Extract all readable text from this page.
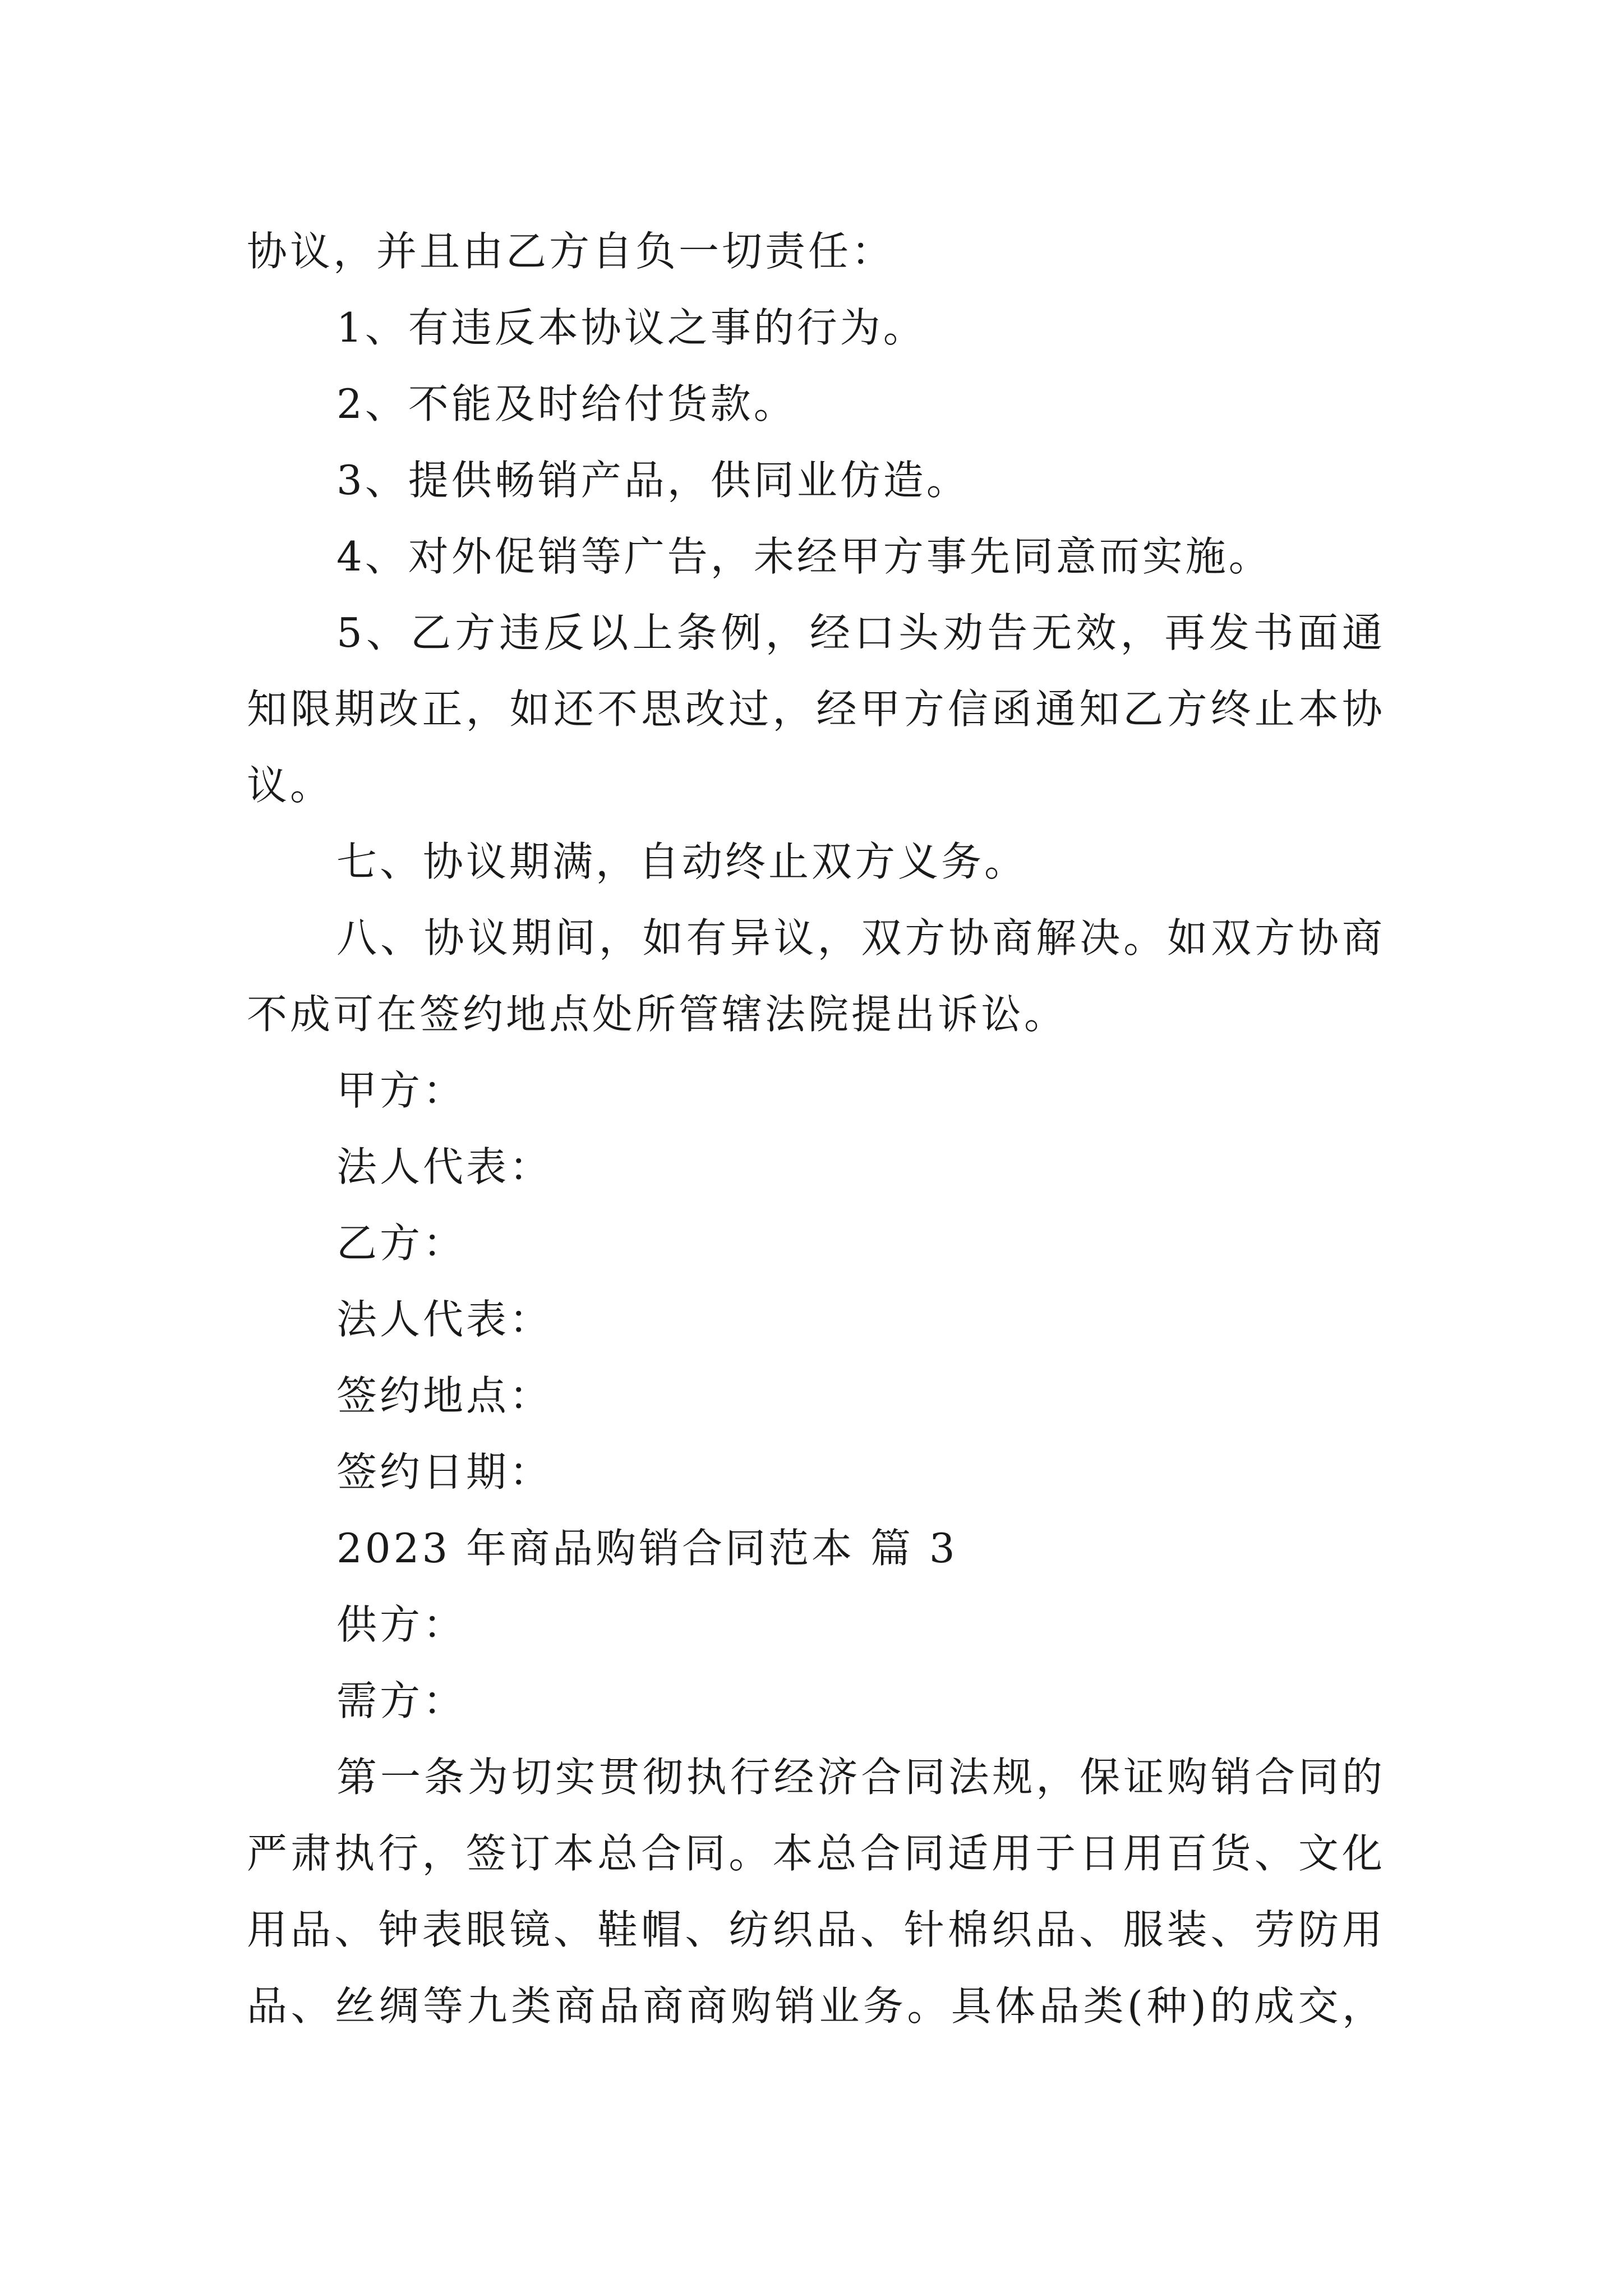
协议，并且由乙方自负一切责任：
1、有违反本协议之事的行为。
2、不能及时给付货款。
3、提供畅销产品，供同业仿造。
4、对外促销等广告，未经甲方事先同意而实施。
5、乙方违反以上条例，经口头劝告无效，再发书面通
知限期改正，如还不思改过，经甲方信函通知乙方终止本协
议。
七、协议期满，自动终止双方义务。
八、协议期间，如有异议，双方协商解决。如双方协商
不成可在签约地点处所管辖法院提出诉讼。
甲方：
法人代表：
乙方：
法人代表：
签约地点：
签约日期：
2023 年商品购销合同范本 篇 3
供方：
需方：
第一条为切实贯彻执行经济合同法规，保证购销合同的
严肃执行，签订本总合同。本总合同适用于日用百货、文化
用品、钟表眼镜、鞋帽、纺织品、针棉织品、服装、劳防用
品、丝绸等九类商品商商购销业务。具体品类(种)的成交，
